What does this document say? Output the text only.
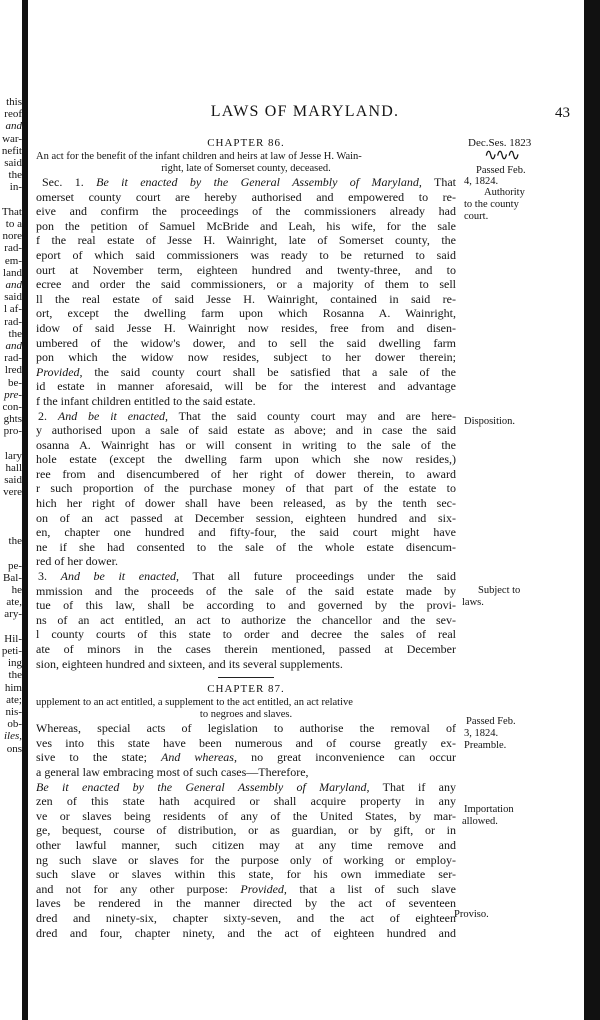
this
reof
and
war-
nefit
said
the
in-
That
to a
nore
rad-
em-
land
and
said
l af-
rad-
the
and
rad-
lred
be-
pre-
con-
ghts
pro-
lary
hall
said
vere
the
pe-
Bal-
he
ate,
ary-
Hil-
peti-
ing
the
him
ate;
nis-
ob-
iles,
ons
LAWS OF MARYLAND.	43
CHAPTER 86.
An act for the benefit of the infant children and heirs at law of Jesse H. Wain-
right, late of Somerset county, deceased.
Sec. 1. Be it enacted by the General Assembly of Maryland, That
omerset county court are hereby authorised and empowered to re-
eive and confirm the proceedings of the commissioners already had
pon the petition of Samuel McBride and Leah, his wife, for the sale
f the real estate of Jesse H. Wainright, late of Somerset county, the
eport of which said commissioners was ready to be returned to said
ourt at November term, eighteen hundred and twenty-three, and to
ecree and order the said commissioners, or a majority of them to sell
ll the real estate of said Jesse H. Wainright, contained in said re-
ort, except the dwelling farm upon which Rosanna A. Wainright,
idow of said Jesse H. Wainright now resides, free from and disen-
umbered of the widow's dower, and to sell the said dwelling farm
pon which the widow now resides, subject to her dower therein;
Provided, the said county court shall be satisfied that a sale of the
id estate in manner aforesaid, will be for the interest and advantage
f the infant children entitled to the said estate.
2. And be it enacted, That the said county court may and are here-
y authorised upon a sale of said estate as above; and in case the said
osanna A. Wainright has or will consent in writing to the sale of the
hole estate (except the dwelling farm upon which she now resides,)
ree from and disencumbered of her right of dower therein, to award
r such proportion of the purchase money of that part of the estate to
hich her right of dower shall have been released, as by the tenth sec-
on of an act passed at December session, eighteen hundred and six-
en, chapter one hundred and fifty-four, the said court might have
ne if she had consented to the sale of the whole estate disencum-
red of her dower.
3. And be it enacted, That all future proceedings under the said
mmission and the proceeds of the sale of the said estate made by
tue of this law, shall be according to and governed by the provi-
ns of an act entitled, an act to authorize the chancellor and the sev-
l county courts of this state to order and decree the sales of real
ate of minors in the cases therein mentioned, passed at December
sion, eighteen hundred and sixteen, and its several supplements.
CHAPTER 87.
upplement to an act entitled, a supplement to the act entitled, an act relative
to negroes and slaves.
Whereas, special acts of legislation to authorise the removal of
ves into this state have been numerous and of course greatly ex-
sive to the state; And whereas, no great inconvenience can occur
a general law embracing most of such cases—Therefore,
Be it enacted by the General Assembly of Maryland, That if any
zen of this state hath acquired or shall acquire property in any
ve or slaves being residents of any of the United States, by mar-
ge, bequest, course of distribution, or as guardian, or by gift, or in
other lawful manner, such citizen may at any time remove and
ng such slave or slaves for the purpose only of working or employ-
such slave or slaves within this state, for his own immediate ser-
and not for any other purpose: Provided, that a list of such slave
laves be rendered in the manner directed by the act of seventeen
dred and ninety-six, chapter sixty-seven, and the act of eighteen
dred and four, chapter ninety, and the act of eighteen hundred and
Dec.Ses. 1823
∿∿∿
Passed Feb.
4, 1824.
Authority
to the county
court.
Disposition.
Subject to
laws.
Passed Feb.
3, 1824.
Preamble.
Importation
allowed.
Proviso.
